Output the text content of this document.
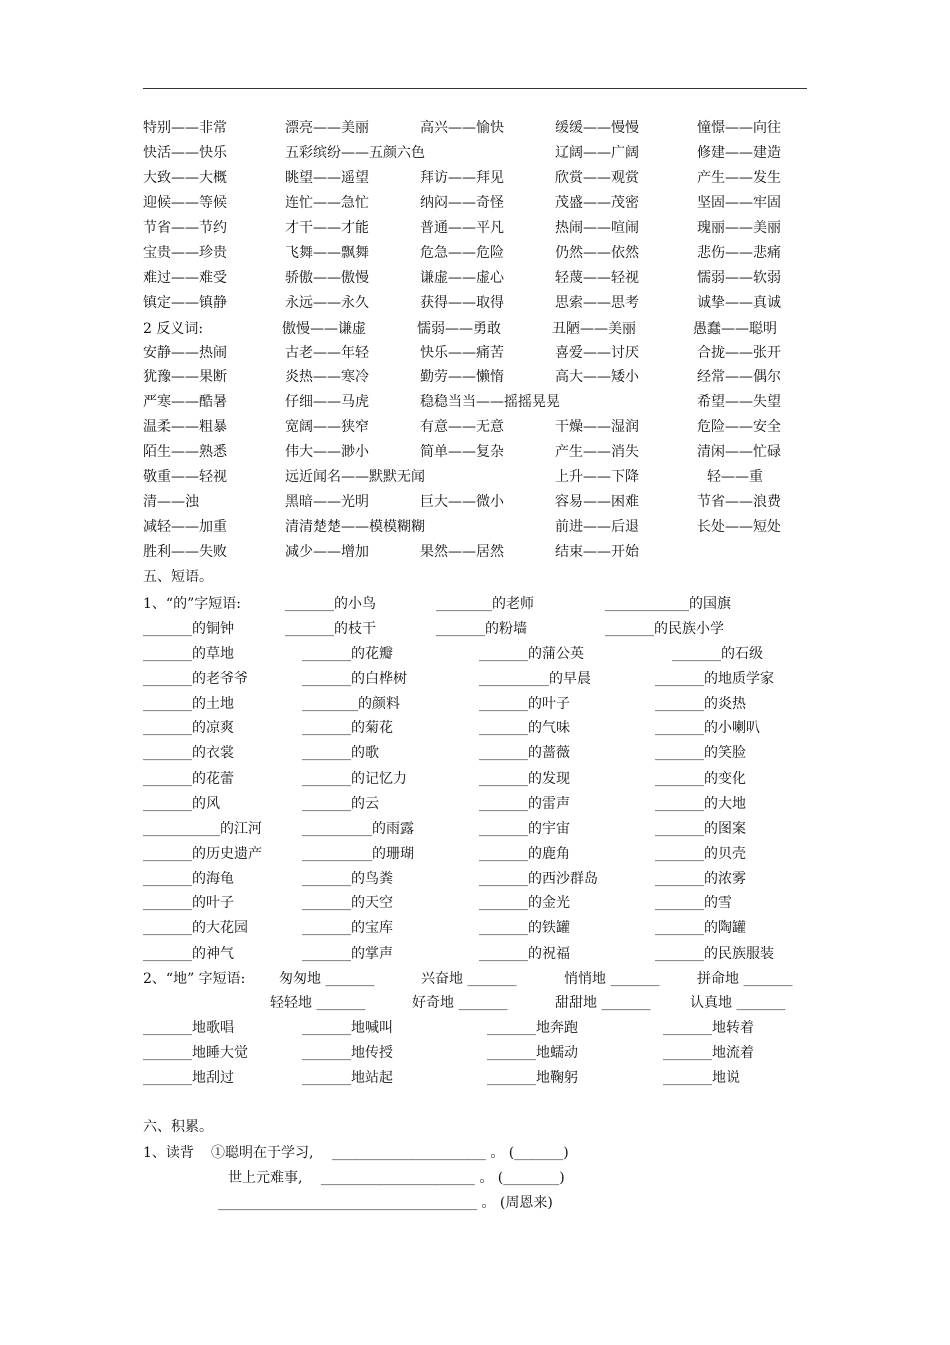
特别——非常	漂亮——美丽	高兴——愉快	缓缓——慢慢	憧憬——向往
快活——快乐	五彩缤纷——五颜六色	辽阔——广阔	修建——建造
大致——大概	眺望——遥望	拜访——拜见	欣赏——观赏	产生——发生
迎候——等候	连忙——急忙	纳闷——奇怪	茂盛——茂密	坚固——牢固
节省——节约	才干——才能	普通——平凡	热闹——喧闹	瑰丽——美丽
宝贵——珍贵	飞舞——飘舞	危急——危险	仍然——依然	悲伤——悲痛
难过——难受	骄傲——傲慢	谦虚——虚心	轻蔑——轻视	懦弱——软弱
镇定——镇静	永远——永久	获得——取得	思索——思考	诚挚——真诚
2 反义词:	傲慢——谦虚	懦弱——勇敢	丑陋——美丽	愚蠢——聪明
安静——热闹	古老——年轻	快乐——痛苦	喜爱——讨厌	合拢——张开
犹豫——果断	炎热——寒冷	勤劳——懒惰	高大——矮小	经常——偶尔
严寒——酷暑	仔细——马虎	稳稳当当——摇摇晃晃	希望——失望
温柔——粗暴	宽阔——狭窄	有意——无意	干燥——湿润	危险——安全
陌生——熟悉	伟大——渺小	简单——复杂	产生——消失	清闲——忙碌
敬重——轻视	远近闻名——默默无闻	上升——下降	轻——重
清——浊	黑暗——光明	巨大——微小	容易——困难	节省——浪费
减轻——加重	清清楚楚——模模糊糊	前进——后退	长处——短处
胜利——失败	减少——增加	果然——居然	结束——开始
五、短语。
1、“的”字短语:	_______的小鸟	________的老师	____________的国旗
_______的铜钟	_______的枝干	_______的粉墙	_______的民族小学
_______的草地	_______的花瓣	_______的蒲公英	_______的石级
_______的老爷爷	_______的白桦树	__________的早晨	_______的地质学家
_______的土地	________的颜料	_______的叶子	_______的炎热
_______的凉爽	_______的菊花	_______的气味	_______的小喇叭
_______的衣裳	_______的歌	_______的蔷薇	_______的笑脸
_______的花蕾	_______的记忆力	_______的发现	_______的变化
_______的风	_______的云	_______的雷声	_______的大地
___________的江河	__________的雨露	_______的宇宙	_______的图案
_______的历史遗产	__________的珊瑚	_______的鹿角	_______的贝壳
_______的海龟	_______的鸟粪	_______的西沙群岛	_______的浓雾
_______的叶子	_______的天空	_______的金光	_______的雪
_______的大花园	_______的宝库	_______的铁罐	_______的陶罐
_______的神气	_______的掌声	_______的祝福	_______的民族服装
2、“地” 字短语: 匆匆地 _______	兴奋地 _______	悄悄地 _______	拼命地 _______
轻轻地 _______	好奇地 _______	甜甜地 _______	认真地 _______
_______地歌唱	_______地喊叫	_______地奔跑	_______地转着
_______地睡大觉	_______地传授	_______地蠕动	_______地流着
_______地刮过	_______地站起	_______地鞠躬	_______地说
六、积累。
1、读背 ①聪明在于学习,　 ______________________ 。 (_______)
世上元难事, 　______________________ 。 (________)
_____________________________________ 。 (周恩来)
